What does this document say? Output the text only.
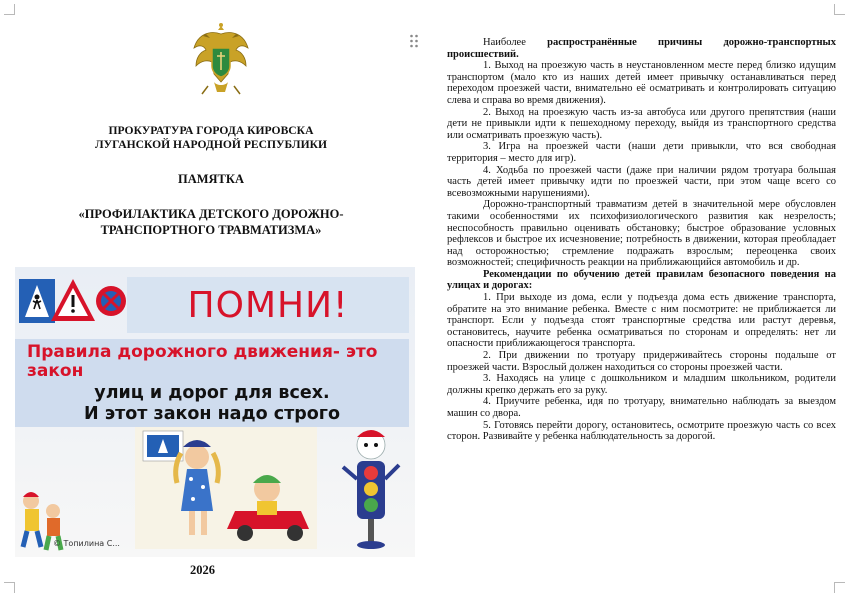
ПРОКУРАТУРА ГОРОДА КИРОВСКА
ЛУГАНСКОЙ НАРОДНОЙ РЕСПУБЛИКИ
ПАМЯТКА
«ПРОФИЛАКТИКА ДЕТСКОГО ДОРОЖНО-
ТРАНСПОРТНОГО ТРАВМАТИЗМА»
ПОМНИ!
Правила дорожного движения- это закон
улиц и дорог для всех.
И этот закон надо строго
© Топилина С...
2026

Наиболее распространённые причины дорожно-транспортных происшествий.

1. Выход на проезжую часть в неустановленном месте перед близко идущим транспортом (мало кто из наших детей имеет привычку останавливаться перед переходом проезжей части, внимательно её осматривать и контролировать ситуацию слева и справа во время движения).

2. Выход на проезжую часть из-за автобуса или другого препятствия (наши дети не привыкли идти к пешеходному переходу, выйдя из транспортного средства или осматривать проезжую часть).

3. Игра на проезжей части (наши дети привыкли, что вся свободная территория – место для игр).

4. Ходьба по проезжей части (даже при наличии рядом тротуара большая часть детей имеет привычку идти по проезжей части, при этом чаще всего со всевозможными нарушениями).

Дорожно-транспортный травматизм детей в значительной мере обусловлен такими особенностями их психофизиологического развития как незрелость; неспособность правильно оценивать обстановку; быстрое образование условных рефлексов и быстрое их исчезновение; потребность в движении, которая преобладает над осторожностью; стремление подражать взрослым; переоценка своих возможностей; специфичность реакции на приближающийся автомобиль и др.

Рекомендации по обучению детей правилам безопасного поведения на улицах и дорогах:

1. При выходе из дома, если у подъезда дома есть движение транспорта, обратите на это внимание ребенка. Вместе с ним посмотрите: не приближается ли транспорт. Если у подъезда стоят транспортные средства или растут деревья, остановитесь, научите ребенка осматриваться по сторонам и определять: нет ли опасности приближающегося транспорта.

2. При движении по тротуару придерживайтесь стороны подальше от проезжей части. Взрослый должен находиться со стороны проезжей части.

3. Находясь на улице с дошкольником и младшим школьником, родители должны крепко держать его за руку.

4. Приучите ребенка, идя по тротуару, внимательно наблюдать за выездом машин со двора.

5. Готовясь перейти дорогу, остановитесь, осмотрите проезжую часть со всех сторон. Развивайте у ребенка наблюдательность за дорогой.
